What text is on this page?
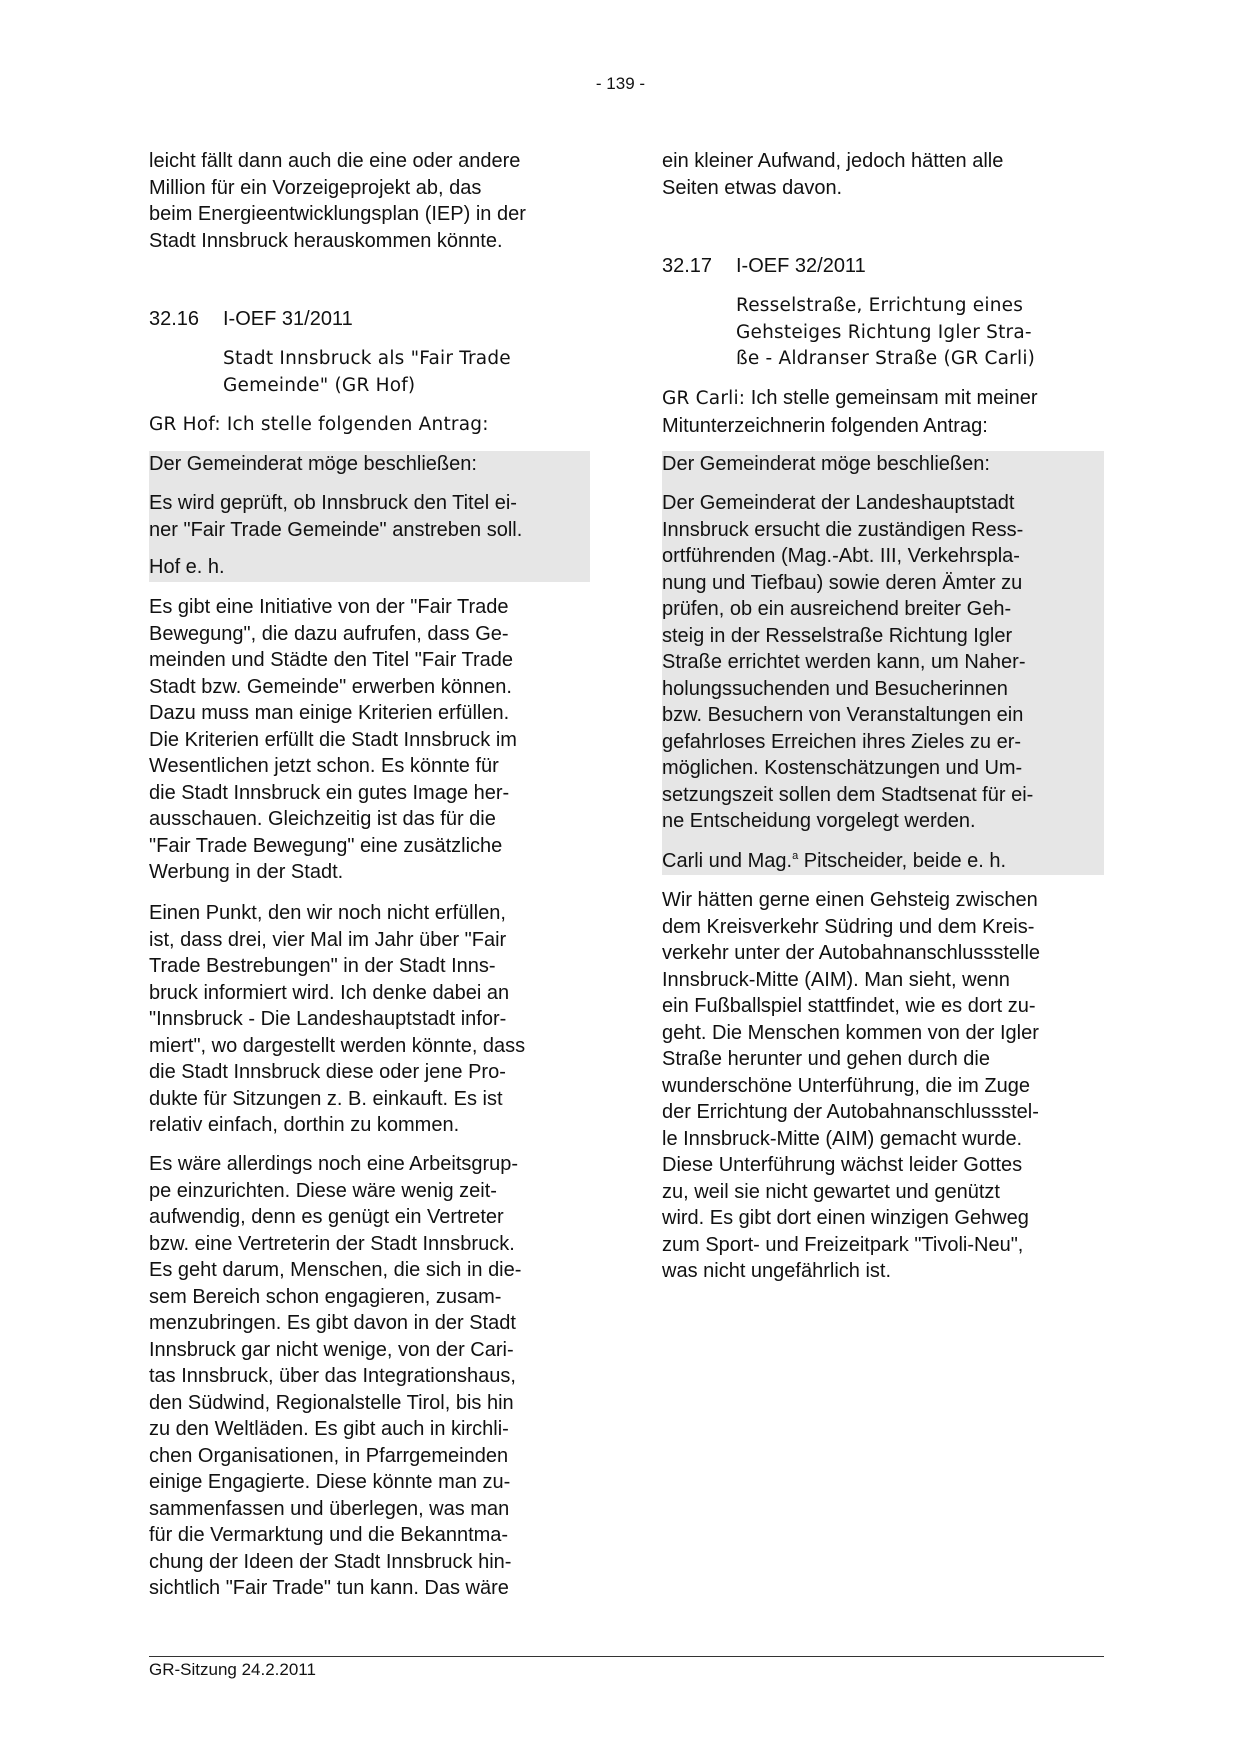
- 139 -
leicht fällt dann auch die eine oder andere
Million für ein Vorzeigeprojekt ab, das
beim Energieentwicklungsplan (IEP) in der
Stadt Innsbruck herauskommen könnte.
32.16 I-OEF 31/2011

Stadt Innsbruck als "Fair Trade
Gemeinde" (GR Hof)
GR Hof: Ich stelle folgenden Antrag:
Der Gemeinderat möge beschließen:
Es wird geprüft, ob Innsbruck den Titel ei-
ner "Fair Trade Gemeinde" anstreben soll.
Hof e. h.
Es gibt eine Initiative von der "Fair Trade
Bewegung", die dazu aufrufen, dass Ge-
meinden und Städte den Titel "Fair Trade
Stadt bzw. Gemeinde" erwerben können.
Dazu muss man einige Kriterien erfüllen.
Die Kriterien erfüllt die Stadt Innsbruck im
Wesentlichen jetzt schon. Es könnte für
die Stadt Innsbruck ein gutes Image her-
ausschauen. Gleichzeitig ist das für die
"Fair Trade Bewegung" eine zusätzliche
Werbung in der Stadt.
Einen Punkt, den wir noch nicht erfüllen,
ist, dass drei, vier Mal im Jahr über "Fair
Trade Bestrebungen" in der Stadt Inns-
bruck informiert wird. Ich denke dabei an
"Innsbruck - Die Landeshauptstadt infor-
miert", wo dargestellt werden könnte, dass
die Stadt Innsbruck diese oder jene Pro-
dukte für Sitzungen z. B. einkauft. Es ist
relativ einfach, dorthin zu kommen.
Es wäre allerdings noch eine Arbeitsgrup-
pe einzurichten. Diese wäre wenig zeit-
aufwendig, denn es genügt ein Vertreter
bzw. eine Vertreterin der Stadt Innsbruck.
Es geht darum, Menschen, die sich in die-
sem Bereich schon engagieren, zusam-
menzubringen. Es gibt davon in der Stadt
Innsbruck gar nicht wenige, von der Cari-
tas Innsbruck, über das Integrationshaus,
den Südwind, Regionalstelle Tirol, bis hin
zu den Weltläden. Es gibt auch in kirchli-
chen Organisationen, in Pfarrgemeinden
einige Engagierte. Diese könnte man zu-
sammenfassen und überlegen, was man
für die Vermarktung und die Bekanntma-
chung der Ideen der Stadt Innsbruck hin-
sichtlich "Fair Trade" tun kann. Das wäre
ein kleiner Aufwand, jedoch hätten alle
Seiten etwas davon.
32.17 I-OEF 32/2011

Resselstraße, Errichtung eines
Gehsteiges Richtung Igler Stra-
ße - Aldranser Straße (GR Carli)
GR Carli: Ich stelle gemeinsam mit meiner
Mitunterzeichnerin folgenden Antrag:
Der Gemeinderat möge beschließen:
Der Gemeinderat der Landeshauptstadt
Innsbruck ersucht die zuständigen Ress-
ortführenden (Mag.-Abt. III, Verkehrspla-
nung und Tiefbau) sowie deren Ämter zu
prüfen, ob ein ausreichend breiter Geh-
steig in der Resselstraße Richtung Igler
Straße errichtet werden kann, um Naher-
holungssuchenden und Besucherinnen
bzw. Besuchern von Veranstaltungen ein
gefahrloses Erreichen ihres Zieles zu er-
möglichen. Kostenschätzungen und Um-
setzungszeit sollen dem Stadtsenat für ei-
ne Entscheidung vorgelegt werden.
Carli und Mag.$^a$ Pitscheider, beide e. h.
Wir hätten gerne einen Gehsteig zwischen
dem Kreisverkehr Südring und dem Kreis-
verkehr unter der Autobahnanschlussstelle
Innsbruck-Mitte (AIM). Man sieht, wenn
ein Fußballspiel stattfindet, wie es dort zu-
geht. Die Menschen kommen von der Igler
Straße herunter und gehen durch die
wunderschöne Unterführung, die im Zuge
der Errichtung der Autobahnanschlussstel-
le Innsbruck-Mitte (AIM) gemacht wurde.
Diese Unterführung wächst leider Gottes
zu, weil sie nicht gewartet und genützt
wird. Es gibt dort einen winzigen Gehweg
zum Sport- und Freizeitpark "Tivoli-Neu",
was nicht ungefährlich ist.
GR-Sitzung 24.2.2011
